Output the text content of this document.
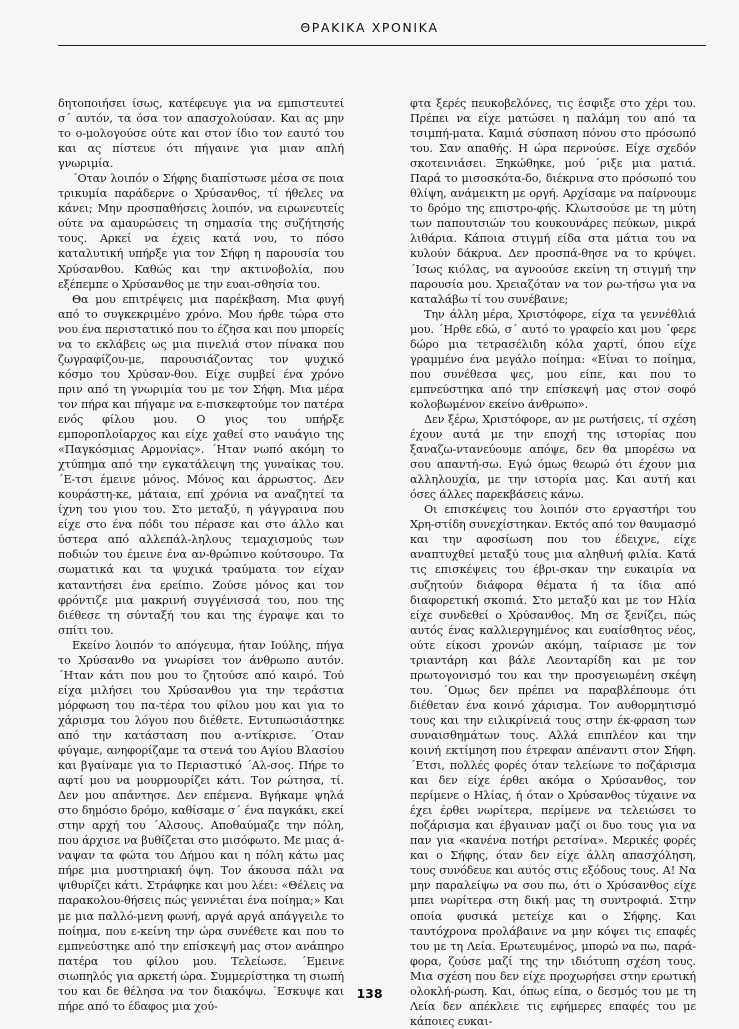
ΘΡΑΚΙΚΑ ΧΡΟΝΙΚΑ

δητοποιήσει ίσως, κατέφευγε για να εμπιστευτεί σ΄ αυτόν, τα όσα τον απασχολούσαν. Και ας μην το ο-μολογούσε ούτε και στον ίδιο τον εαυτό του και ας πίστευε ότι πήγαινε για μιαν απλή γνωριμία.

΄Οταν λοιπόν ο Σήφης διαπίστωσε μέσα σε ποια τρικυμία παράδερνε ο Χρύσανθος, τί ήθελες να κάνει; Μην προσπαθήσεις λοιπόν, να ειρωνευτείς ούτε να αμαυρώσεις τη σημασία της συζήτησής τους. Αρκεί να έχεις κατά νου, το πόσο καταλυτική υπήρξε για τον Σήφη η παρουσία του Χρύσανθου. Καθώς και την ακτινοβολία, που εξέπεμπε ο Χρύσανθος με την ευαι-σθησία του.

Θα μου επιτρέψεις μια παρέκβαση. Μια φυγή από το συγκεκριμένο χρόνο. Μου ήρθε τώρα στο νου ένα περιστατικό που το έζησα και που μπορείς να το εκλάβεις ως μια πινελιά στον πίνακα που ζωγραφίζου-με, παρουσιάζοντας τον ψυχικό κόσμο του Χρύσαν-θου. Είχε συμβεί ένα χρόνο πριν από τη γνωριμία του με τον Σήφη. Μια μέρα τον πήρα και πήγαμε να ε-πισκεφτούμε τον πατέρα ενός φίλου μου. Ο γιος του υπήρξε εμποροπλοίαρχος και είχε χαθεί στο ναυάγιο της «Παγκόσμιας Αρμονίας». ΄Ηταν νωπό ακόμη το χτύπημα από την εγκατάλειψη της γυναίκας του. ΄Ε-τσι έμεινε μόνος. Μόνος και άρρωστος. Δεν κουράστη-κε, μάταια, επί χρόνια να αναζητεί τα ίχνη του γιου του. Στο μεταξύ, η γάγγραινα που είχε στο ένα πόδι του πέρασε και στο άλλο και ύστερα από αλλεπάλ-ληλους τεμαχισμούς των ποδιών του έμεινε ένα αν-θρώπινο κούτσουρο. Τα σωματικά και τα ψυχικά τραύματα τον είχαν καταντήσει ένα ερείπιο. Ζούσε μόνος και τον φρόντιζε μια μακρινή συγγένισσά του, που της διέθεσε τη σύνταξή του και της έγραψε και το σπίτι του.

Εκείνο λοιπόν το απόγευμα, ήταν Ιούλης, πήγα το Χρύσανθο να γνωρίσει τον άνθρωπο αυτόν. ΄Ηταν κάτι που μου το ζητούσε από καιρό. Τού είχα μιλήσει του Χρύσανθου για την τεράστια μόρφωση του πα-τέρα του φίλου μου και για το χάρισμα του λόγου που διέθετε. Εντυπωσιάστηκε από την κατάσταση που α-ντίκρισε. ΄Οταν φύγαμε, ανηφορίζαμε τα στενά του Αγίου Βλασίου και βγαίναμε για το Περιαστικό ΄Αλ-σος. Πήρε το αφτί μου να μουρμουρίζει κάτι. Τον ρώτησα, τί. Δεν μου απάντησε. Δεν επέμενα. Βγήκαμε ψηλά στο δημόσιο δρόμο, καθίσαμε σ΄ ένα παγκάκι, εκεί στην αρχή του ΄Αλσους. Αποθαύμαζε την πόλη, που άρχισε να βυθίζεται στο μισόφωτο. Με μιας ά-ναψαν τα φώτα του Δήμου και η πόλη κάτω μας πήρε μια μυστηριακή όψη. Τον άκουσα πάλι να ψιθυρίζει κάτι. Στράφηκε και μου λέει: «Θέλεις να παρακολου-θήσεις πώς γεννιέται ένα ποίημα;» Και με μια παλλό-μενη φωνή, αργά αργά απάγγειλε το ποίημα, που ε-κείνη την ώρα συνέθετε και που το εμπνεύστηκε από την επίσκεψή μας στον ανάπηρο πατέρα του φίλου μου. Τελείωσε. ΄Εμεινε σιωπηλός για αρκετή ώρα. Συμμερίστηκα τη σιωπή του και δε θέλησα να τον διακόψω. ΄Εσκυψε και πήρε από το έδαφος μια χού-

φτα ξερές πευκοβελόνες, τις έσφιξε στο χέρι του. Πρέπει να είχε ματώσει η παλάμη του από τα τσιμπή-ματα. Καμιά σύσπαση πόνου στο πρόσωπό του. Σαν απαθής. Η ώρα περνούσε. Είχε σχεδόν σκοτεινιάσει. Ξηκώθηκε, μού ΄ριξε μια ματιά. Παρά το μισοσκότα-δο, διέκρινα στο πρόσωπό του θλίψη, ανάμεικτη με οργή. Αρχίσαμε να παίρνουμε το δρόμο της επιστρο-φής. Κλωτσούσε με τη μύτη των παπουτσιών του κουκουνάρες πεύκων, μικρά λιθάρια. Κάποια στιγμή είδα στα μάτια του να κυλούν δάκρυα. Δεν προσπά-θησε να το κρύψει. ΄Ισως κιόλας, να αγνοούσε εκείνη τη στιγμή την παρουσία μου. Χρειαζόταν να τον ρω-τήσω για να καταλάβω τί του συνέβαινε;

Την άλλη μέρα, Χριστόφορε, είχα τα γεννέθλιά μου. ΄Ηρθε εδώ, σ΄ αυτό το γραφείο και μου ΄φερε δώρο μια τετρασέλιδη κόλα χαρτί, όπου είχε γραμμένο ένα μεγάλο ποίημα: «Είναι το ποίημα, που συνέθεσα ψες, μου είπε, και που το εμπνεύστηκα από την επίσκεψή μας στον σοφό κολοβωμένον εκείνο άνθρωπο».

Δεν ξέρω, Χριστόφορε, αν με ρωτήσεις, τί σχέση έχουν αυτά με την εποχή της ιστορίας που ξαναζω-ντανεύουμε απόψε, δεν θα μπορέσω να σου απαντή-σω. Εγώ όμως θεωρώ ότι έχουν μια αλληλουχία, με την ιστορία μας. Και αυτή και όσες άλλες παρεκβάσεις κάνω.

Οι επισκέψεις του λοιπόν στο εργαστήρι του Χρη-στίδη συνεχίστηκαν. Εκτός από τον θαυμασμό και την αφοσίωση που του έδειχνε, είχε αναπτυχθεί μεταξύ τους μια αληθινή φιλία. Κατά τις επισκέψεις του έβρι-σκαν την ευκαιρία να συζητούν διάφορα θέματα ή τα ίδια από διαφορετική σκοπιά. Στο μεταξύ και με τον Ηλία είχε συνδεθεί ο Χρύσανθος. Μη σε ξενίζει, πώς αυτός ένας καλλιεργημένος και ευαίσθητος νέος, ούτε είκοσι χρονών ακόμη, ταίριασε με τον τριαντάρη και βάλε Λεονταρίδη και με τον πρωτογονισμό του και την προσγειωμένη σκέψη του. ΄Ομως δεν πρέπει να παραβλέπουμε ότι διέθεταν ένα κοινό χάρισμα. Τον αυθορμητισμό τους και την ειλικρίνειά τους στην έκ-φραση των συναισθημάτων τους. Αλλά επιπλέον και την κοινή εκτίμηση που έτρεφαν απέναντι στον Σήφη. ΄Ετσι, πολλές φορές όταν τελείωνε το ποζάρισμα και δεν είχε έρθει ακόμα ο Χρύσανθος, τον περίμενε ο Ηλίας, ή όταν ο Χρύσανθος τύχαινε να έχει έρθει νωρίτερα, περίμενε να τελειώσει το ποζάρισμα και έβγαιναν μαζί οι δυο τους για να παν για «κανένα ποτήρι ρετσίνα». Μερικές φορές και ο Σήφης, όταν δεν είχε άλλη απασχόληση, τους συνόδευε και αυτός στις εξόδους τους. Α! Να μην παραλείψω να σου πω, ότι ο Χρύσανθος είχε μπει νωρίτερα στη δική μας τη συντροφιά. Στην οποία φυσικά μετείχε και ο Σήφης. Και ταυτόχρονα προλάβαινε να μην κόψει τις επαφές του με τη Λεία. Ερωτευμένος, μπορώ να πω, παρά-φορα, ζούσε μαζί της την ιδιότυπη σχέση τους. Μια σχέση που δεν είχε προχωρήσει στην ερωτική ολοκλή-ρωση. Και, όπως είπα, ο δεσμός του με τη Λεία δεν απέκλειε τις εφήμερες επαφές του με κάποιες ευκαι-

138
